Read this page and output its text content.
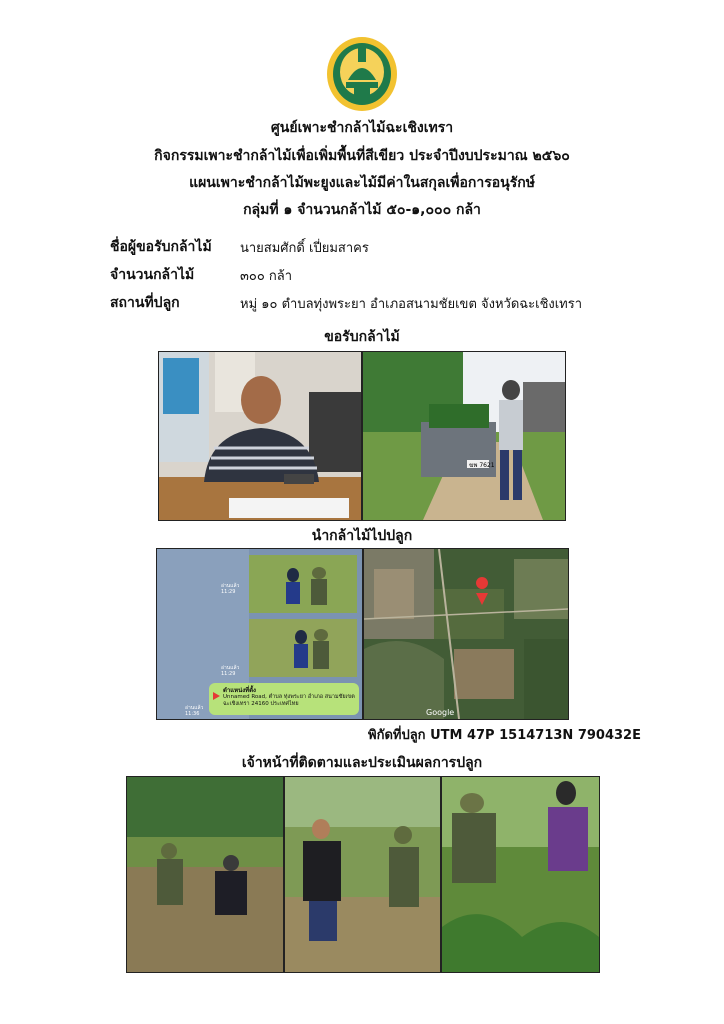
ศูนย์เพาะชำกล้าไม้ฉะเชิงเทรา
กิจกรรมเพาะชำกล้าไม้เพื่อเพิ่มพื้นที่สีเขียว ประจำปีงบประมาณ ๒๕๖๐
แผนเพาะชำกล้าไม้พะยูงและไม้มีค่าในสกุลเพื่อการอนุรักษ์
กลุ่มที่ ๑ จำนวนกล้าไม้ ๕๐-๑,๐๐๐ กล้า
ชื่อผู้ขอรับกล้าไม้ นายสมศักดิ์ เปี่ยมสาคร
จำนวนกล้าไม้	๓๐๐ กล้า
สถานที่ปลูก	หมู่ ๑๐ ตำบลทุ่งพระยา อำเภอสนามชัยเขต จังหวัดฉะเชิงเทรา
ขอรับกล้าไม้
ฆพ 7621
นำกล้าไม้ไปปลูก
อ่านแล้ว 11:29
อ่านแล้ว 11:29
อ่านแล้ว 11:36
ตำแหน่งที่ตั้ง
Unnamed Road, ตำบล ทุ่งพระยา อำเภอ สนามชัยเขต ฉะเชิงเทรา 24160 ประเทศไทย
Google
พิกัดที่ปลูก UTM 47P 1514713N 790432E
เจ้าหน้าที่ติดตามและประเมินผลการปลูก
